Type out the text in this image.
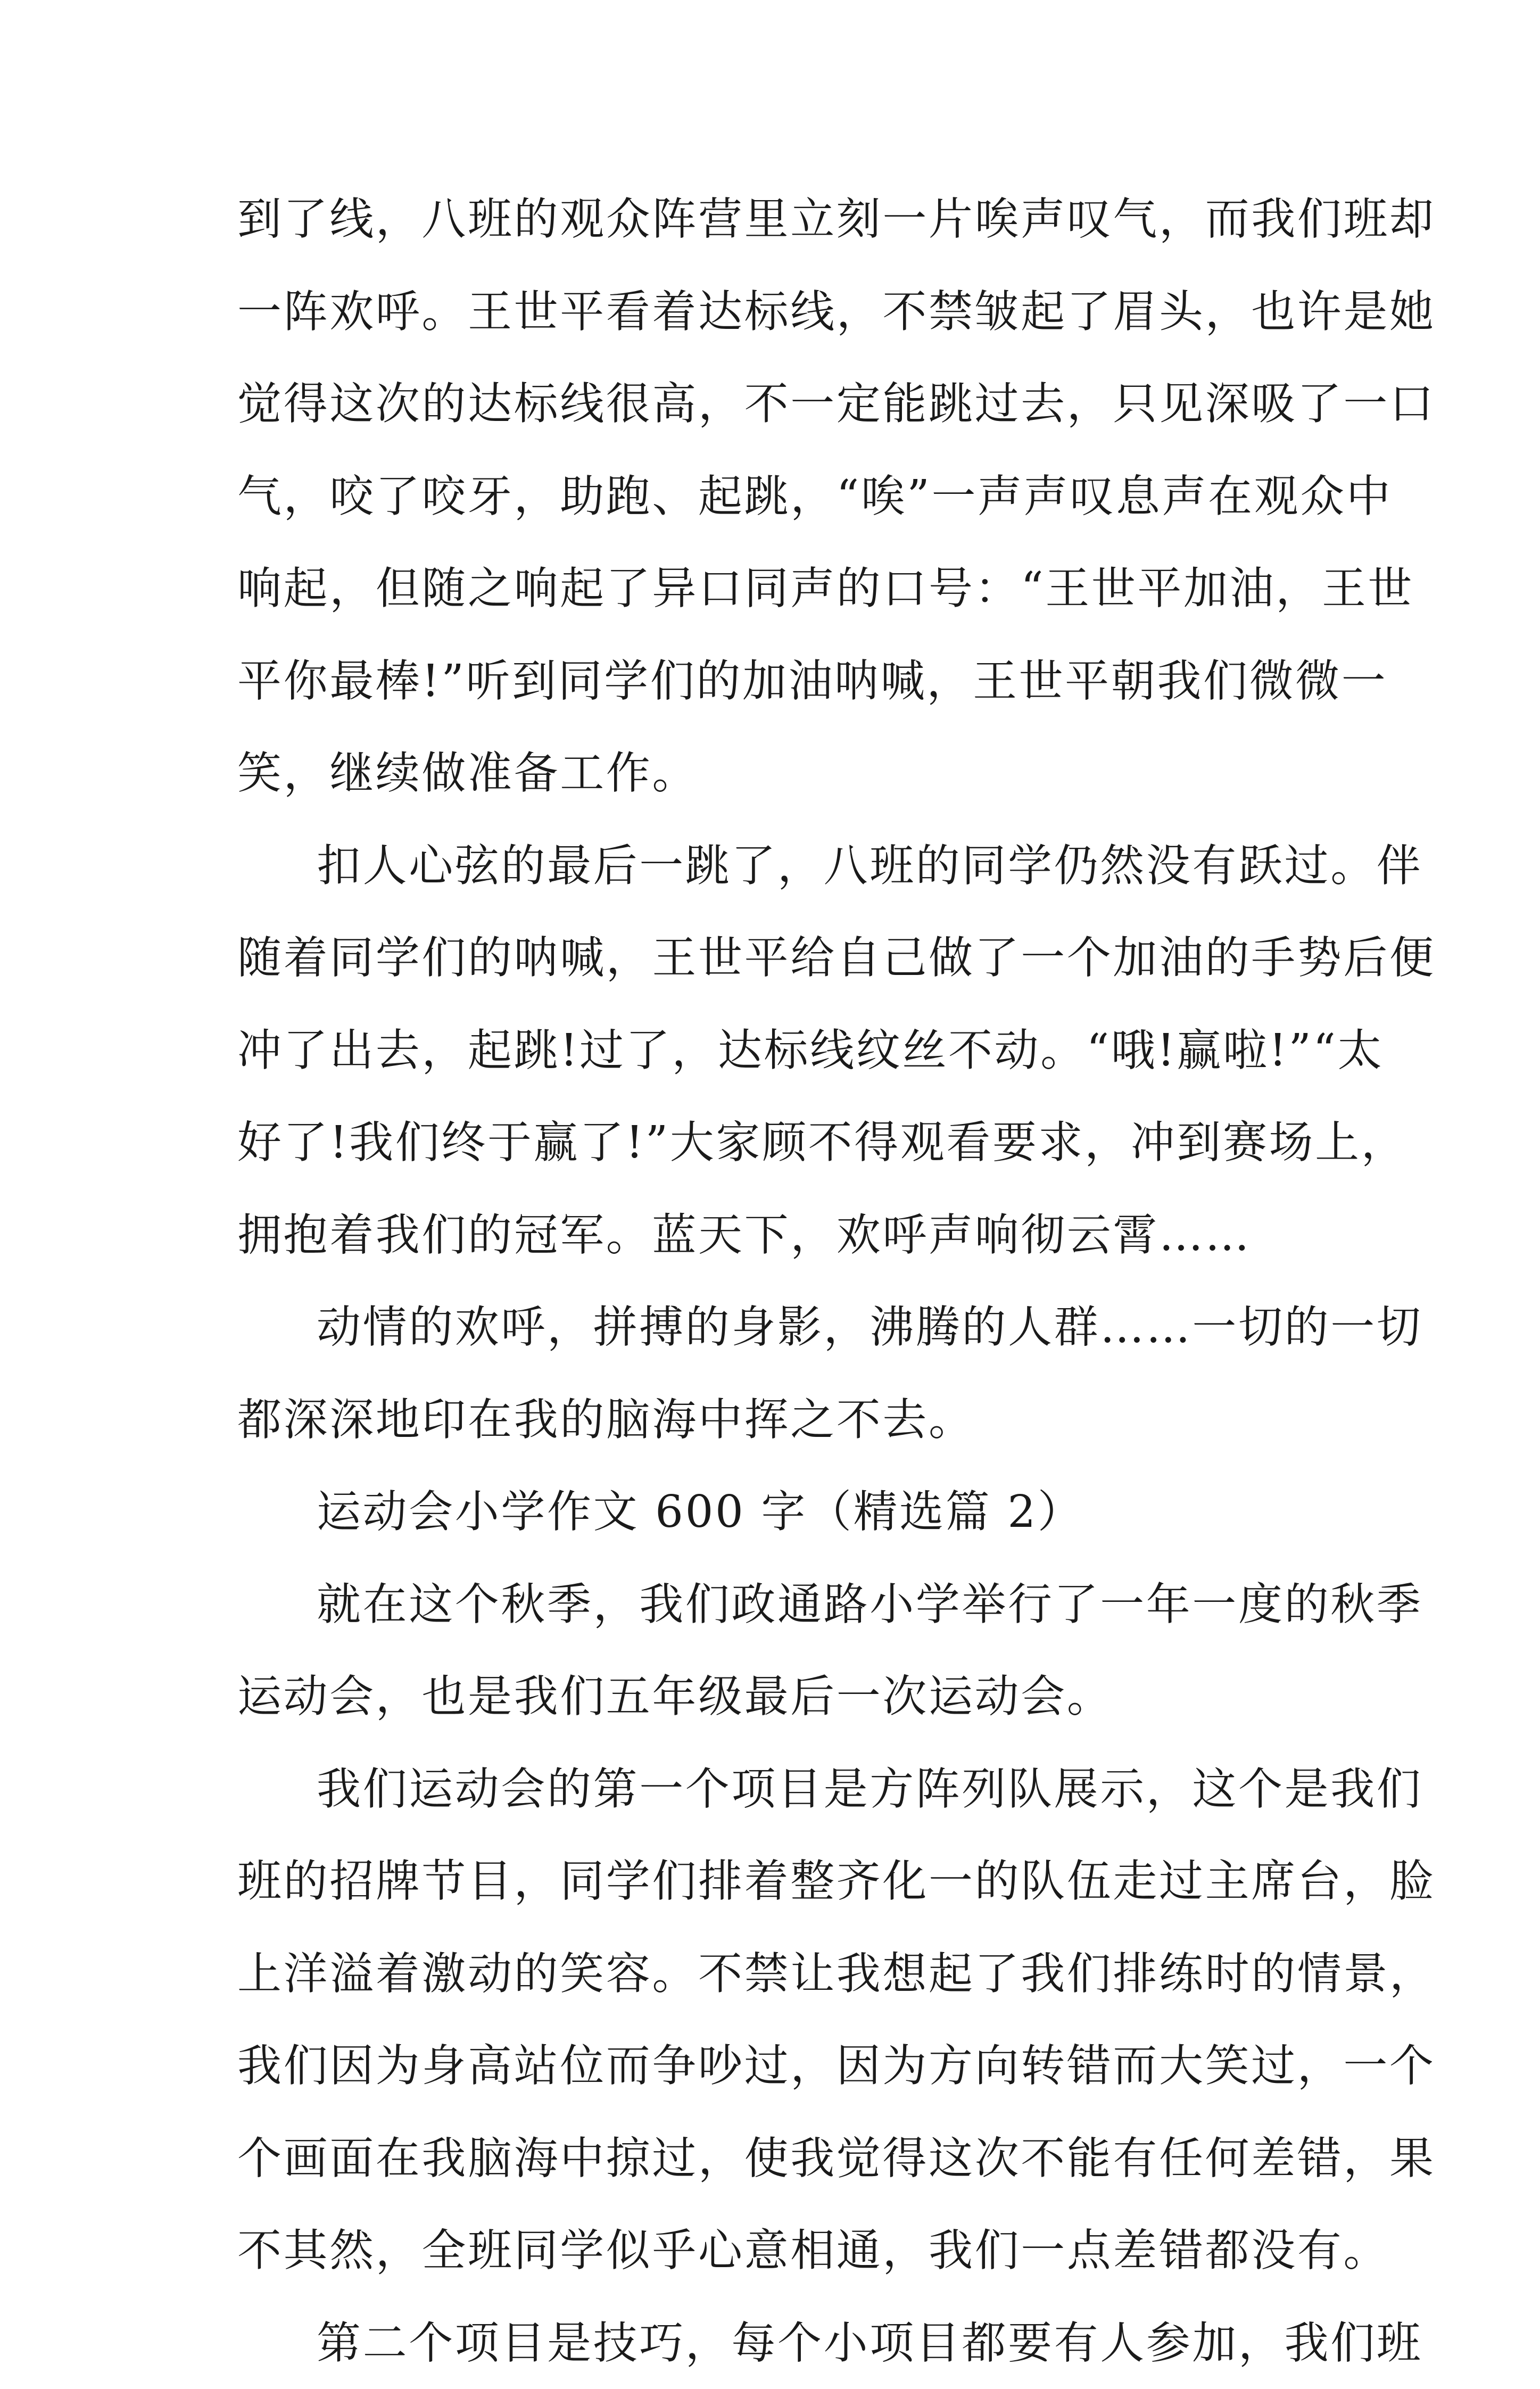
到了线，八班的观众阵营里立刻一片唉声叹气，而我们班却
一阵欢呼。王世平看着达标线，不禁皱起了眉头，也许是她
觉得这次的达标线很高，不一定能跳过去，只见深吸了一口
气，咬了咬牙，助跑、起跳，“唉”一声声叹息声在观众中
响起，但随之响起了异口同声的口号：“王世平加油，王世
平你最棒!”听到同学们的加油呐喊，王世平朝我们微微一
笑，继续做准备工作。
扣人心弦的最后一跳了，八班的同学仍然没有跃过。伴
随着同学们的呐喊，王世平给自己做了一个加油的手势后便
冲了出去，起跳!过了，达标线纹丝不动。“哦!赢啦!”“太
好了!我们终于赢了!”大家顾不得观看要求，冲到赛场上，
拥抱着我们的冠军。蓝天下，欢呼声响彻云霄……
动情的欢呼，拼搏的身影，沸腾的人群……一切的一切
都深深地印在我的脑海中挥之不去。
运动会小学作文 600 字（精选篇 2）
就在这个秋季，我们政通路小学举行了一年一度的秋季
运动会，也是我们五年级最后一次运动会。
我们运动会的第一个项目是方阵列队展示，这个是我们
班的招牌节目，同学们排着整齐化一的队伍走过主席台，脸
上洋溢着激动的笑容。不禁让我想起了我们排练时的情景，
我们因为身高站位而争吵过，因为方向转错而大笑过，一个
个画面在我脑海中掠过，使我觉得这次不能有任何差错，果
不其然，全班同学似乎心意相通，我们一点差错都没有。
第二个项目是技巧，每个小项目都要有人参加，我们班
